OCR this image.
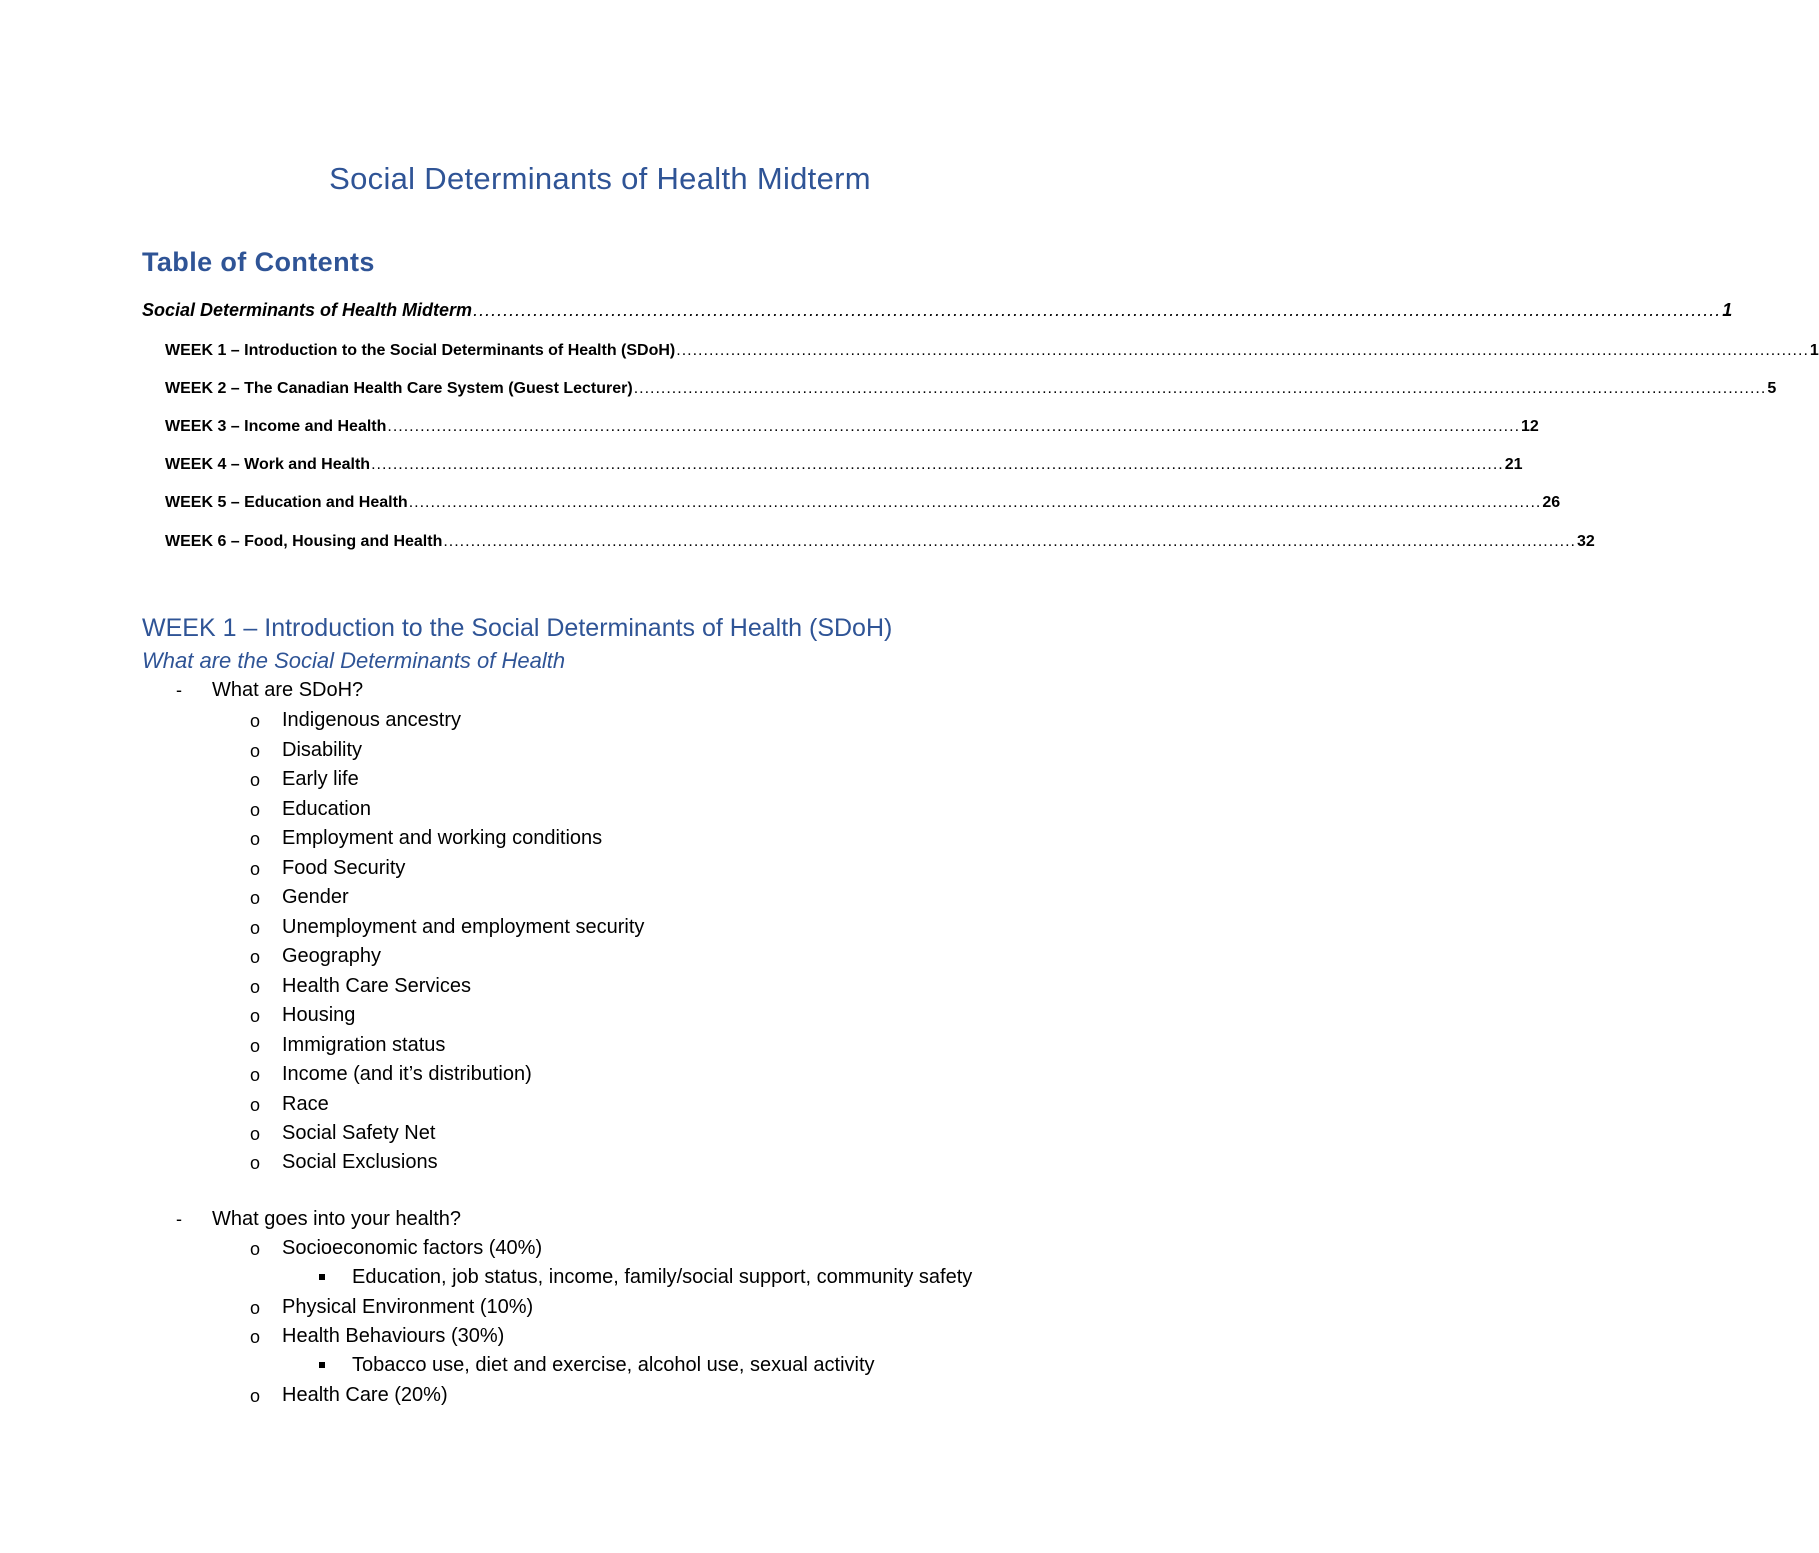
Social Determinants of Health Midterm
Table of Contents
Social Determinants of Health Midterm ................................................................................................................................................................................................................ 1
WEEK 1 – Introduction to the Social Determinants of Health (SDoH) ................................................................................................................................................................................................................ 1
WEEK 2 – The Canadian Health Care System (Guest Lecturer) ................................................................................................................................................................................................................ 5
WEEK 3 – Income and Health ................................................................................................................................................................................................................ 12
WEEK 4 – Work and Health ................................................................................................................................................................................................................ 21
WEEK 5 – Education and Health ................................................................................................................................................................................................................ 26
WEEK 6 – Food, Housing and Health ................................................................................................................................................................................................................ 32
WEEK 1 – Introduction to the Social Determinants of Health (SDoH)
What are the Social Determinants of Health
- What are SDoH?
o Indigenous ancestry
o Disability
o Early life
o Education
o Employment and working conditions
o Food Security
o Gender
o Unemployment and employment security
o Geography
o Health Care Services
o Housing
o Immigration status
o Income (and it’s distribution)
o Race
o Social Safety Net
o Social Exclusions
- What goes into your health?
o Socioeconomic factors (40%)
Education, job status, income, family/social support, community safety
o Physical Environment (10%)
o Health Behaviours (30%)
Tobacco use, diet and exercise, alcohol use, sexual activity
o Health Care (20%)
